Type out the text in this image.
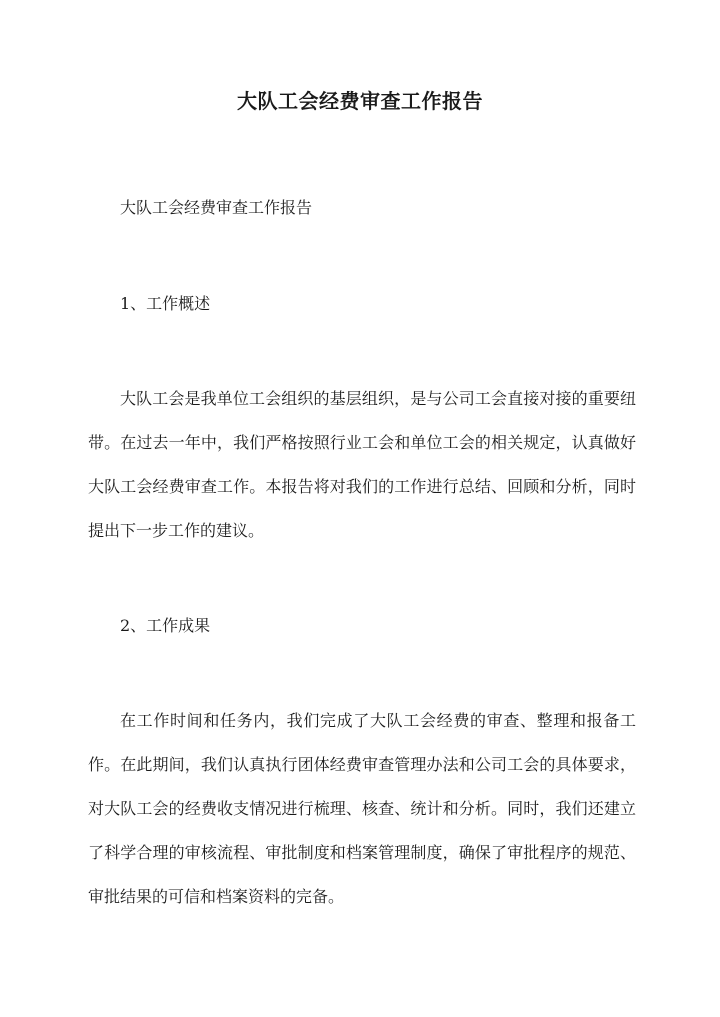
大队工会经费审查工作报告
大队工会经费审查工作报告
1、工作概述
大队工会是我单位工会组织的基层组织，是与公司工会直接对接的重要纽带。在过去一年中，我们严格按照行业工会和单位工会的相关规定，认真做好大队工会经费审查工作。本报告将对我们的工作进行总结、回顾和分析，同时提出下一步工作的建议。
2、工作成果
在工作时间和任务内，我们完成了大队工会经费的审查、整理和报备工作。在此期间，我们认真执行团体经费审查管理办法和公司工会的具体要求，对大队工会的经费收支情况进行梳理、核查、统计和分析。同时，我们还建立了科学合理的审核流程、审批制度和档案管理制度，确保了审批程序的规范、审批结果的可信和档案资料的完备。
